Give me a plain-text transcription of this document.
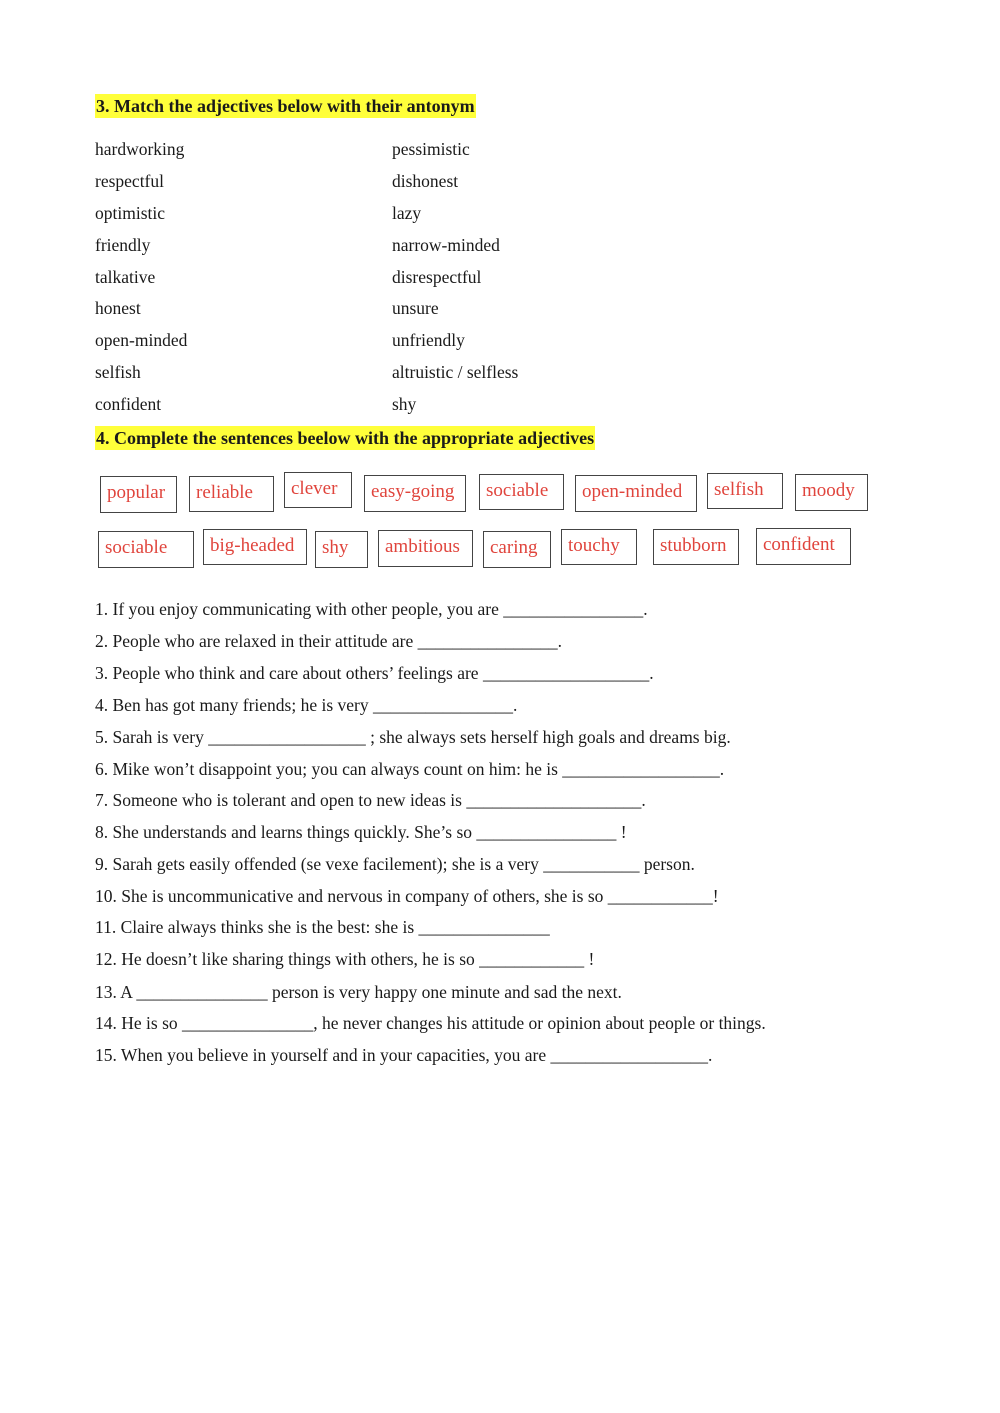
3. Match the adjectives below with their antonym
hardworking	pessimistic
respectful	dishonest
optimistic	lazy
friendly	narrow-minded
talkative	disrespectful
honest	unsure
open-minded	unfriendly
selfish	altruistic / selfless
confident	shy
4. Complete the sentences beelow with the appropriate adjectives
popular	reliable	clever	easy-going	sociable	open-minded	selfish	moody
sociable	big-headed	shy	ambitious	caring	touchy	stubborn	confident
1. If you enjoy communicating with other people, you are ________________.
2. People who are relaxed in their attitude are ________________.
3. People who think and care about others’ feelings are ___________________.
4. Ben has got many friends; he is very ________________.
5. Sarah is very __________________ ; she always sets herself high goals and dreams big.
6. Mike won’t disappoint you; you can always count on him: he is __________________.
7. Someone who is tolerant and open to new ideas is ____________________.
8. She understands and learns things quickly. She’s so ________________ !
9. Sarah gets easily offended (se vexe facilement); she is a very ___________ person.
10. She is uncommunicative and nervous in company of others, she is so ____________!
11. Claire always thinks she is the best: she is _______________
12. He doesn’t like sharing things with others, he is so ____________ !
13. A _______________ person is very happy one minute and sad the next.
14. He is so _______________, he never changes his attitude or opinion about people or things.
15. When you believe in yourself and in your capacities, you are __________________.
